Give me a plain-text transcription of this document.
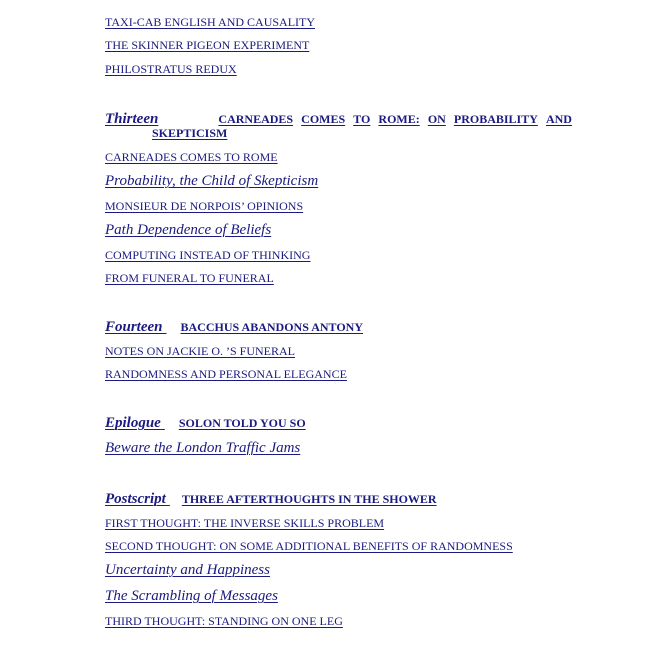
TAXI-CAB ENGLISH AND CAUSALITY
THE SKINNER PIGEON EXPERIMENT
PHILOSTRATUS REDUX
Thirteen	CARNEADES COMES TO ROME: ON PROBABILITY AND
SKEPTICISM
CARNEADES COMES TO ROME
Probability, the Child of Skepticism
MONSIEUR DE NORPOIS’ OPINIONS
Path Dependence of Beliefs
COMPUTING INSTEAD OF THINKING
FROM FUNERAL TO FUNERAL
Fourteen BACCHUS ABANDONS ANTONY
NOTES ON JACKIE O. ’S FUNERAL
RANDOMNESS AND PERSONAL ELEGANCE
Epilogue SOLON TOLD YOU SO
Beware the London Traffic Jams
Postscript THREE AFTERTHOUGHTS IN THE SHOWER
FIRST THOUGHT: THE INVERSE SKILLS PROBLEM
SECOND THOUGHT: ON SOME ADDITIONAL BENEFITS OF RANDOMNESS
Uncertainty and Happiness
The Scrambling of Messages
THIRD THOUGHT: STANDING ON ONE LEG
